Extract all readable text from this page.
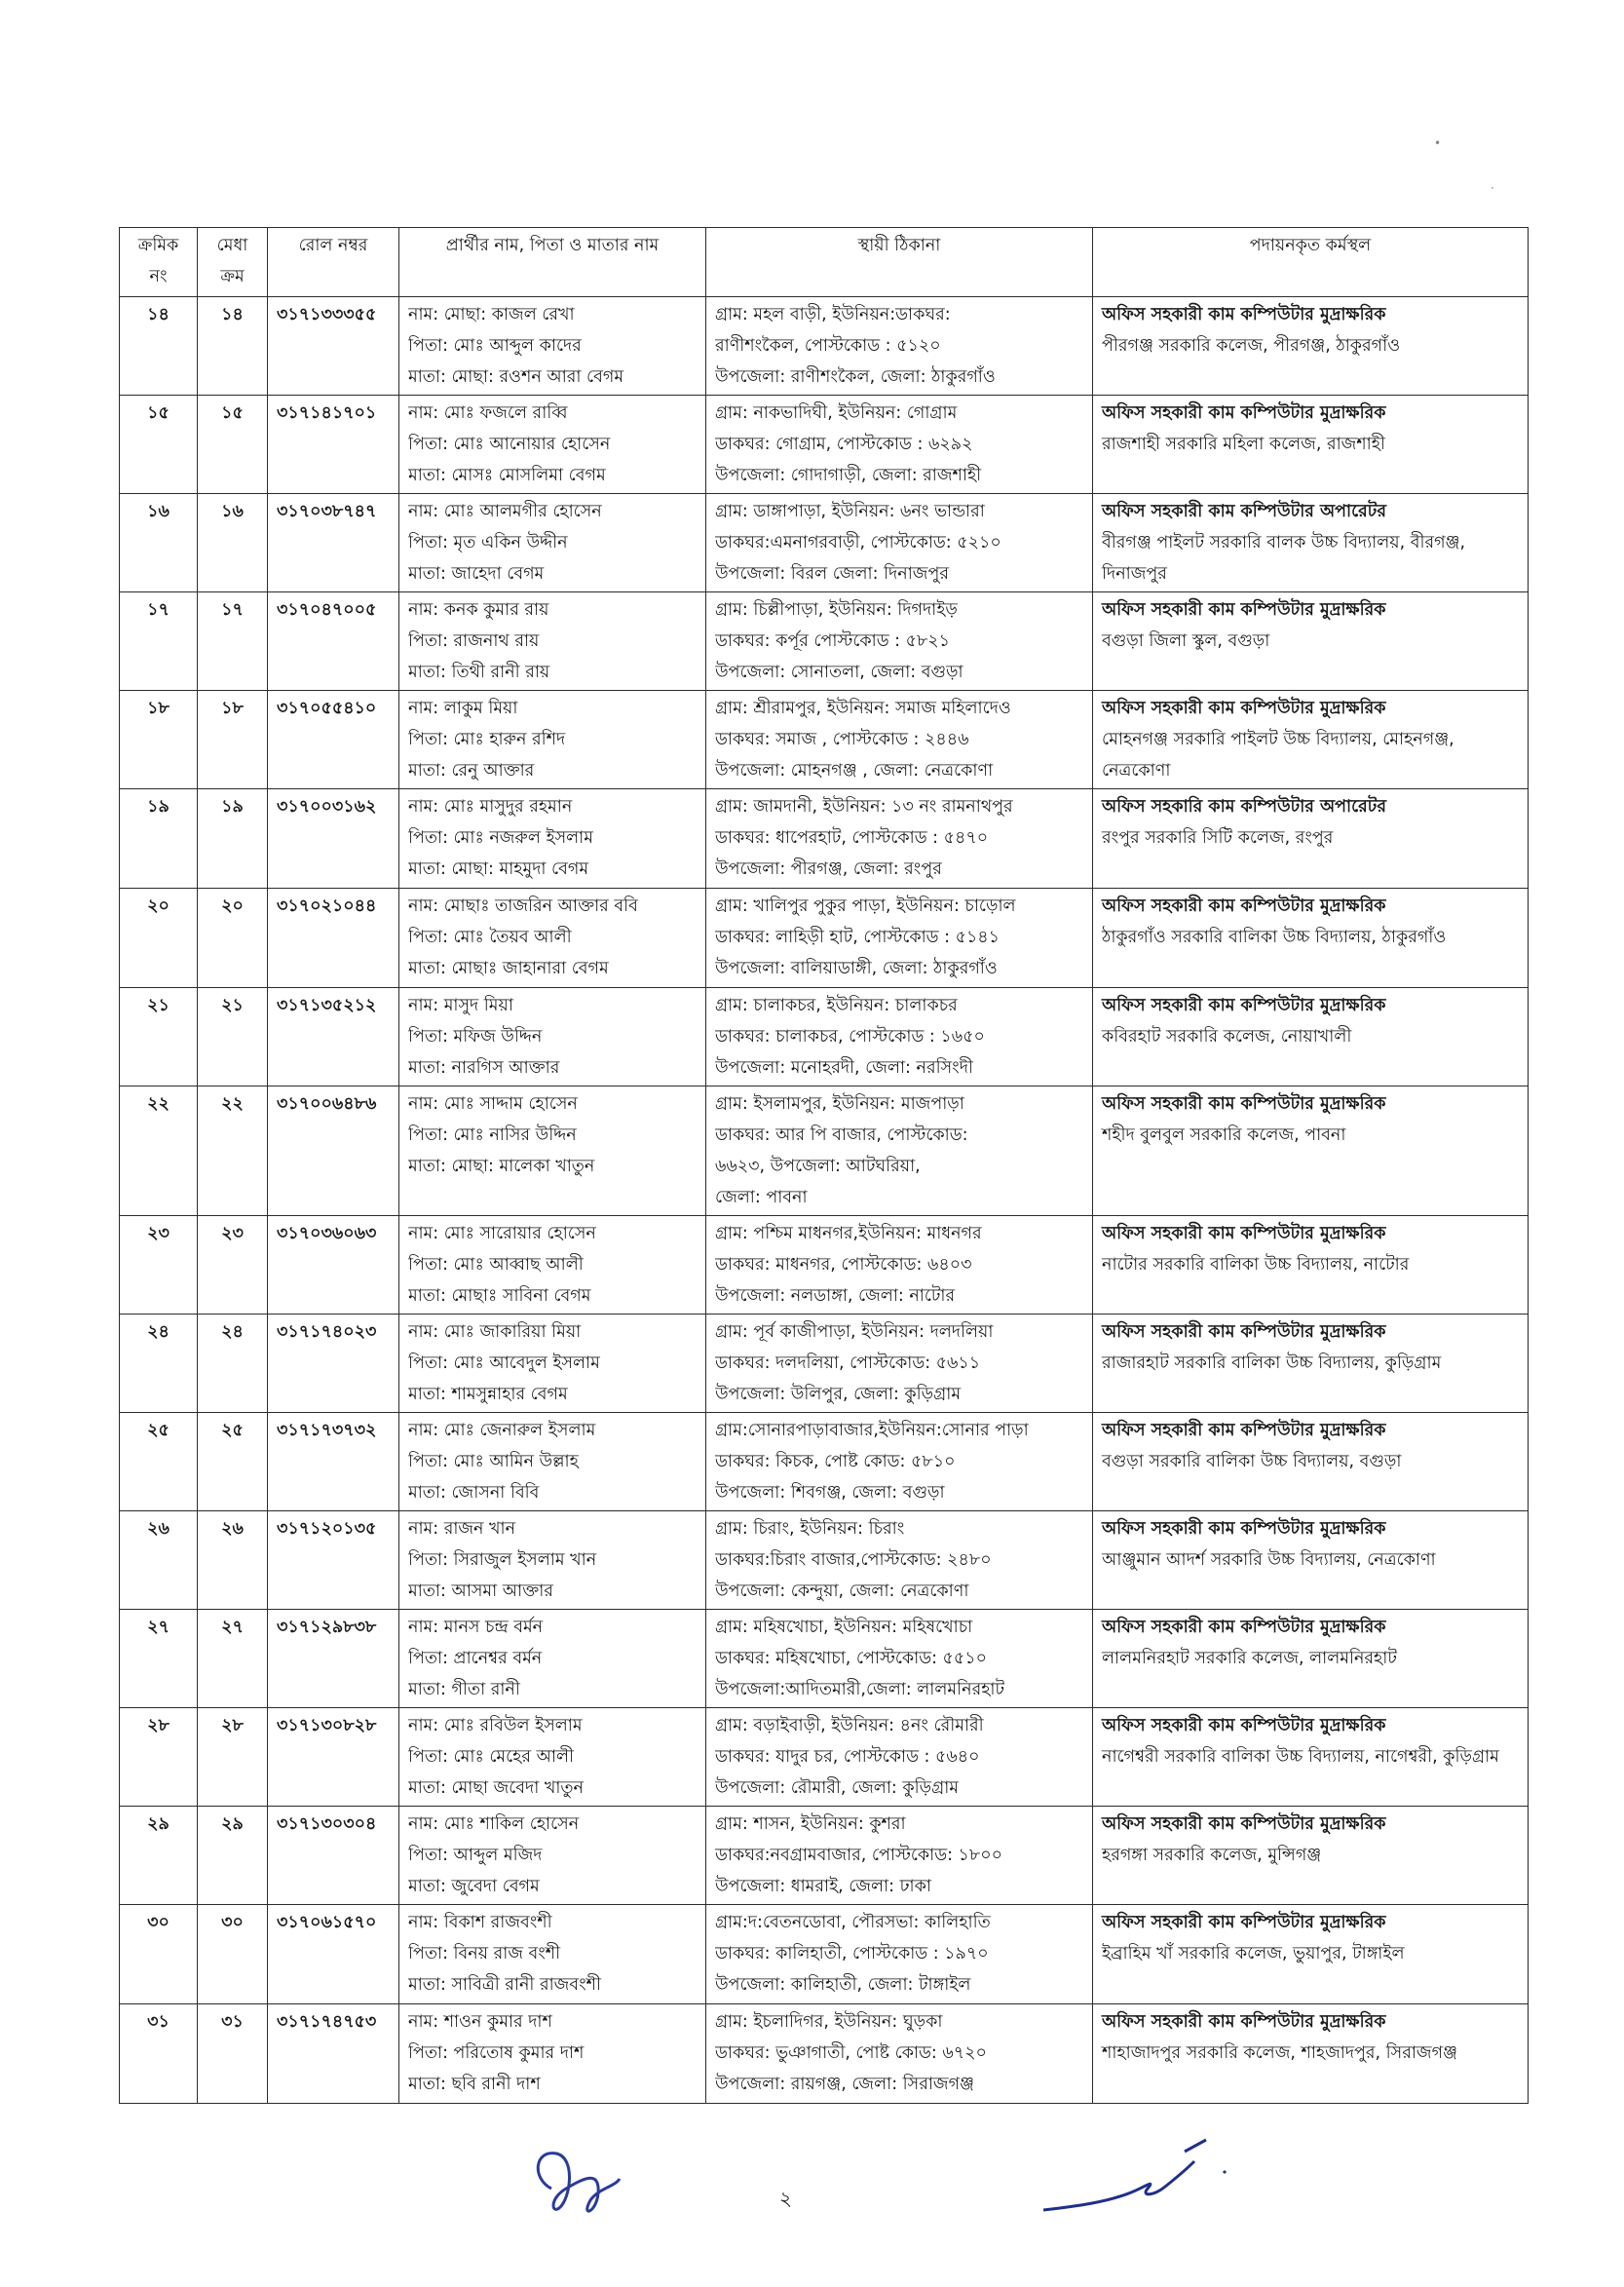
•
·
ক্রমিক নং	মেধা ক্রম	রোল নম্বর	প্রার্থীর নাম, পিতা ও মাতার নাম	স্থায়ী ঠিকানা	পদায়নকৃত কর্মস্থল
১৪	১৪	৩১৭১৩৩৩৫৫	নাম: মোছা: কাজল রেখা
পিতা: মোঃ আব্দুল কাদের
মাতা: মোছা: রওশন আরা বেগম	গ্রাম: মহল বাড়ী, ইউনিয়ন:ডাকঘর:
রাণীশংকৈল, পোস্টকোড : ৫১২০
উপজেলা: রাণীশংকৈল, জেলা: ঠাকুরগাঁও	অফিস সহকারী কাম কম্পিউটার মুদ্রাক্ষরিক
পীরগঞ্জ সরকারি কলেজ, পীরগঞ্জ, ঠাকুরগাঁও

১৫	১৫	৩১৭১৪১৭০১	নাম: মোঃ ফজলে রাব্বি
পিতা: মোঃ আনোয়ার হোসেন
মাতা: মোসঃ মোসলিমা বেগম	গ্রাম: নাকভাদিঘী, ইউনিয়ন: গোগ্রাম
ডাকঘর: গোগ্রাম, পোস্টকোড : ৬২৯২
উপজেলা: গোদাগাড়ী, জেলা: রাজশাহী	অফিস সহকারী কাম কম্পিউটার মুদ্রাক্ষরিক
রাজশাহী সরকারি মহিলা কলেজ, রাজশাহী

১৬	১৬	৩১৭০৩৮৭৪৭	নাম: মোঃ আলমগীর হোসেন
পিতা: মৃত একিন উদ্দীন
মাতা: জাহেদা বেগম	গ্রাম: ডাঙ্গাপাড়া, ইউনিয়ন: ৬নং ভান্ডারা
ডাকঘর:এমনাগরবাড়ী, পোস্টকোড: ৫২১০
উপজেলা: বিরল জেলা: দিনাজপুর	অফিস সহকারী কাম কম্পিউটার অপারেটর
বীরগঞ্জ পাইলট সরকারি বালক উচ্চ বিদ্যালয়, বীরগঞ্জ, দিনাজপুর

১৭	১৭	৩১৭০৪৭০০৫	নাম: কনক কুমার রায়
পিতা: রাজনাথ রায়
মাতা: তিথী রানী রায়	গ্রাম: চিল্লীপাড়া, ইউনিয়ন: দিগদাইড়
ডাকঘর: কর্পূর পোস্টকোড : ৫৮২১
উপজেলা: সোনাতলা, জেলা: বগুড়া	অফিস সহকারী কাম কম্পিউটার মুদ্রাক্ষরিক
বগুড়া জিলা স্কুল, বগুড়া

১৮	১৮	৩১৭০৫৫৪১০	নাম: লাকুম মিয়া
পিতা: মোঃ হারুন রশিদ
মাতা: রেনু আক্তার	গ্রাম: শ্রীরামপুর, ইউনিয়ন: সমাজ মহিলাদেও
ডাকঘর: সমাজ , পোস্টকোড : ২৪৪৬
উপজেলা: মোহনগঞ্জ , জেলা: নেত্রকোণা	অফিস সহকারী কাম কম্পিউটার মুদ্রাক্ষরিক
মোহনগঞ্জ সরকারি পাইলট উচ্চ বিদ্যালয়, মোহনগঞ্জ, নেত্রকোণা

১৯	১৯	৩১৭০০৩১৬২	নাম: মোঃ মাসুদুর রহমান
পিতা: মোঃ নজরুল ইসলাম
মাতা: মোছা: মাহমুদা বেগম	গ্রাম: জামদানী, ইউনিয়ন: ১৩ নং রামনাথপুর
ডাকঘর: ধাপেরহাট, পোস্টকোড : ৫৪৭০
উপজেলা: পীরগঞ্জ, জেলা: রংপুর	অফিস সহকারি কাম কম্পিউটার অপারেটর
রংপুর সরকারি সিটি কলেজ, রংপুর

২০	২০	৩১৭০২১০৪৪	নাম: মোছাঃ তাজরিন আক্তার ববি
পিতা: মোঃ তৈয়ব আলী
মাতা: মোছাঃ জাহানারা বেগম	গ্রাম: খালিপুর পুকুর পাড়া, ইউনিয়ন: চাড়োল
ডাকঘর: লাহিড়ী হাট, পোস্টকোড : ৫১৪১
উপজেলা: বালিয়াডাঙ্গী, জেলা: ঠাকুরগাঁও	অফিস সহকারী কাম কম্পিউটার মুদ্রাক্ষরিক
ঠাকুরগাঁও সরকারি বালিকা উচ্চ বিদ্যালয়, ঠাকুরগাঁও

২১	২১	৩১৭১৩৫২১২	নাম: মাসুদ মিয়া
পিতা: মফিজ উদ্দিন
মাতা: নারগিস আক্তার	গ্রাম: চালাকচর, ইউনিয়ন: চালাকচর
ডাকঘর: চালাকচর, পোস্টকোড : ১৬৫০
উপজেলা: মনোহরদী, জেলা: নরসিংদী	অফিস সহকারী কাম কম্পিউটার মুদ্রাক্ষরিক
কবিরহাট সরকারি কলেজ, নোয়াখালী

২২	২২	৩১৭০০৬৪৮৬	নাম: মোঃ সাদ্দাম হোসেন
পিতা: মোঃ নাসির উদ্দিন
মাতা: মোছা: মালেকা খাতুন	গ্রাম: ইসলামপুর, ইউনিয়ন: মাজপাড়া
ডাকঘর: আর পি বাজার, পোস্টকোড:
৬৬২৩, উপজেলা: আটঘরিয়া,
জেলা: পাবনা	অফিস সহকারী কাম কম্পিউটার মুদ্রাক্ষরিক
শহীদ বুলবুল সরকারি কলেজ, পাবনা

২৩	২৩	৩১৭০৩৬০৬৩	নাম: মোঃ সারোয়ার হোসেন
পিতা: মোঃ আব্বাছ আলী
মাতা: মোছাঃ সাবিনা বেগম	গ্রাম: পশ্চিম মাধনগর,ইউনিয়ন: মাধনগর
ডাকঘর: মাধনগর, পোস্টকোড: ৬৪০৩
উপজেলা: নলডাঙ্গা, জেলা: নাটোর	অফিস সহকারী কাম কম্পিউটার মুদ্রাক্ষরিক
নাটোর সরকারি বালিকা উচ্চ বিদ্যালয়, নাটোর

২৪	২৪	৩১৭১৭৪০২৩	নাম: মোঃ জাকারিয়া মিয়া
পিতা: মোঃ আবেদুল ইসলাম
মাতা: শামসুন্নাহার বেগম	গ্রাম: পূর্ব কাজীপাড়া, ইউনিয়ন: দলদলিয়া
ডাকঘর: দলদলিয়া, পোস্টকোড: ৫৬১১
উপজেলা: উলিপুর, জেলা: কুড়িগ্রাম	অফিস সহকারী কাম কম্পিউটার মুদ্রাক্ষরিক
রাজারহাট সরকারি বালিকা উচ্চ বিদ্যালয়, কুড়িগ্রাম

২৫	২৫	৩১৭১৭৩৭৩২	নাম: মোঃ জেনারুল ইসলাম
পিতা: মোঃ আমিন উল্লাহ
মাতা: জোসনা বিবি	গ্রাম:সোনারপাড়াবাজার,ইউনিয়ন:সোনার পাড়া
ডাকঘর: কিচক, পোষ্ট কোড: ৫৮১০
উপজেলা: শিবগঞ্জ, জেলা: বগুড়া	অফিস সহকারী কাম কম্পিউটার মুদ্রাক্ষরিক
বগুড়া সরকারি বালিকা উচ্চ বিদ্যালয়, বগুড়া

২৬	২৬	৩১৭১২০১৩৫	নাম: রাজন খান
পিতা: সিরাজুল ইসলাম খান
মাতা: আসমা আক্তার	গ্রাম: চিরাং, ইউনিয়ন: চিরাং
ডাকঘর:চিরাং বাজার,পোস্টকোড: ২৪৮০
উপজেলা: কেন্দুয়া, জেলা: নেত্রকোণা	অফিস সহকারী কাম কম্পিউটার মুদ্রাক্ষরিক
আঞ্জুমান আদর্শ সরকারি উচ্চ বিদ্যালয়, নেত্রকোণা

২৭	২৭	৩১৭১২৯৮৩৮	নাম: মানস চন্দ্র বর্মন
পিতা: প্রানেশ্বর বর্মন
মাতা: গীতা রানী	গ্রাম: মহিষখোচা, ইউনিয়ন: মহিষখোচা
ডাকঘর: মহিষখোচা, পোস্টকোড: ৫৫১০
উপজেলা:আদিতমারী,জেলা: লালমনিরহাট	অফিস সহকারী কাম কম্পিউটার মুদ্রাক্ষরিক
লালমনিরহাট সরকারি কলেজ, লালমনিরহাট

২৮	২৮	৩১৭১৩০৮২৮	নাম: মোঃ রবিউল ইসলাম
পিতা: মোঃ মেহের আলী
মাতা: মোছা জবেদা খাতুন	গ্রাম: বড়াইবাড়ী, ইউনিয়ন: ৪নং রৌমারী
ডাকঘর: যাদুর চর, পোস্টকোড : ৫৬৪০
উপজেলা: রৌমারী, জেলা: কুড়িগ্রাম	অফিস সহকারী কাম কম্পিউটার মুদ্রাক্ষরিক
নাগেশ্বরী সরকারি বালিকা উচ্চ বিদ্যালয়, নাগেশ্বরী, কুড়িগ্রাম

২৯	২৯	৩১৭১৩০৩০৪	নাম: মোঃ শাকিল হোসেন
পিতা: আব্দুল মজিদ
মাতা: জুবেদা বেগম	গ্রাম: শাসন, ইউনিয়ন: কুশরা
ডাকঘর:নবগ্রামবাজার, পোস্টকোড: ১৮০০
উপজেলা: ধামরাই, জেলা: ঢাকা	অফিস সহকারী কাম কম্পিউটার মুদ্রাক্ষরিক
হরগঙ্গা সরকারি কলেজ, মুন্সিগঞ্জ

৩০	৩০	৩১৭০৬১৫৭০	নাম: বিকাশ রাজবংশী
পিতা: বিনয় রাজ বংশী
মাতা: সাবিত্রী রানী রাজবংশী	গ্রাম:দ:বেতনডোবা, পৌরসভা: কালিহাতি
ডাকঘর: কালিহাতী, পোস্টকোড : ১৯৭০
উপজেলা: কালিহাতী, জেলা: টাঙ্গাইল	অফিস সহকারী কাম কম্পিউটার মুদ্রাক্ষরিক
ইব্রাহিম খাঁ সরকারি কলেজ, ভুয়াপুর, টাঙ্গাইল

৩১	৩১	৩১৭১৭৪৭৫৩	নাম: শাওন কুমার দাশ
পিতা: পরিতোষ কুমার দাশ
মাতা: ছবি রানী দাশ	গ্রাম: ইচলাদিগর, ইউনিয়ন: ঘুড়কা
ডাকঘর: ভুঞাগাতী, পোষ্ট কোড: ৬৭২০
উপজেলা: রায়গঞ্জ, জেলা: সিরাজগঞ্জ	অফিস সহকারী কাম কম্পিউটার মুদ্রাক্ষরিক
শাহাজাদপুর সরকারি কলেজ, শাহজাদপুর, সিরাজগঞ্জ
২
